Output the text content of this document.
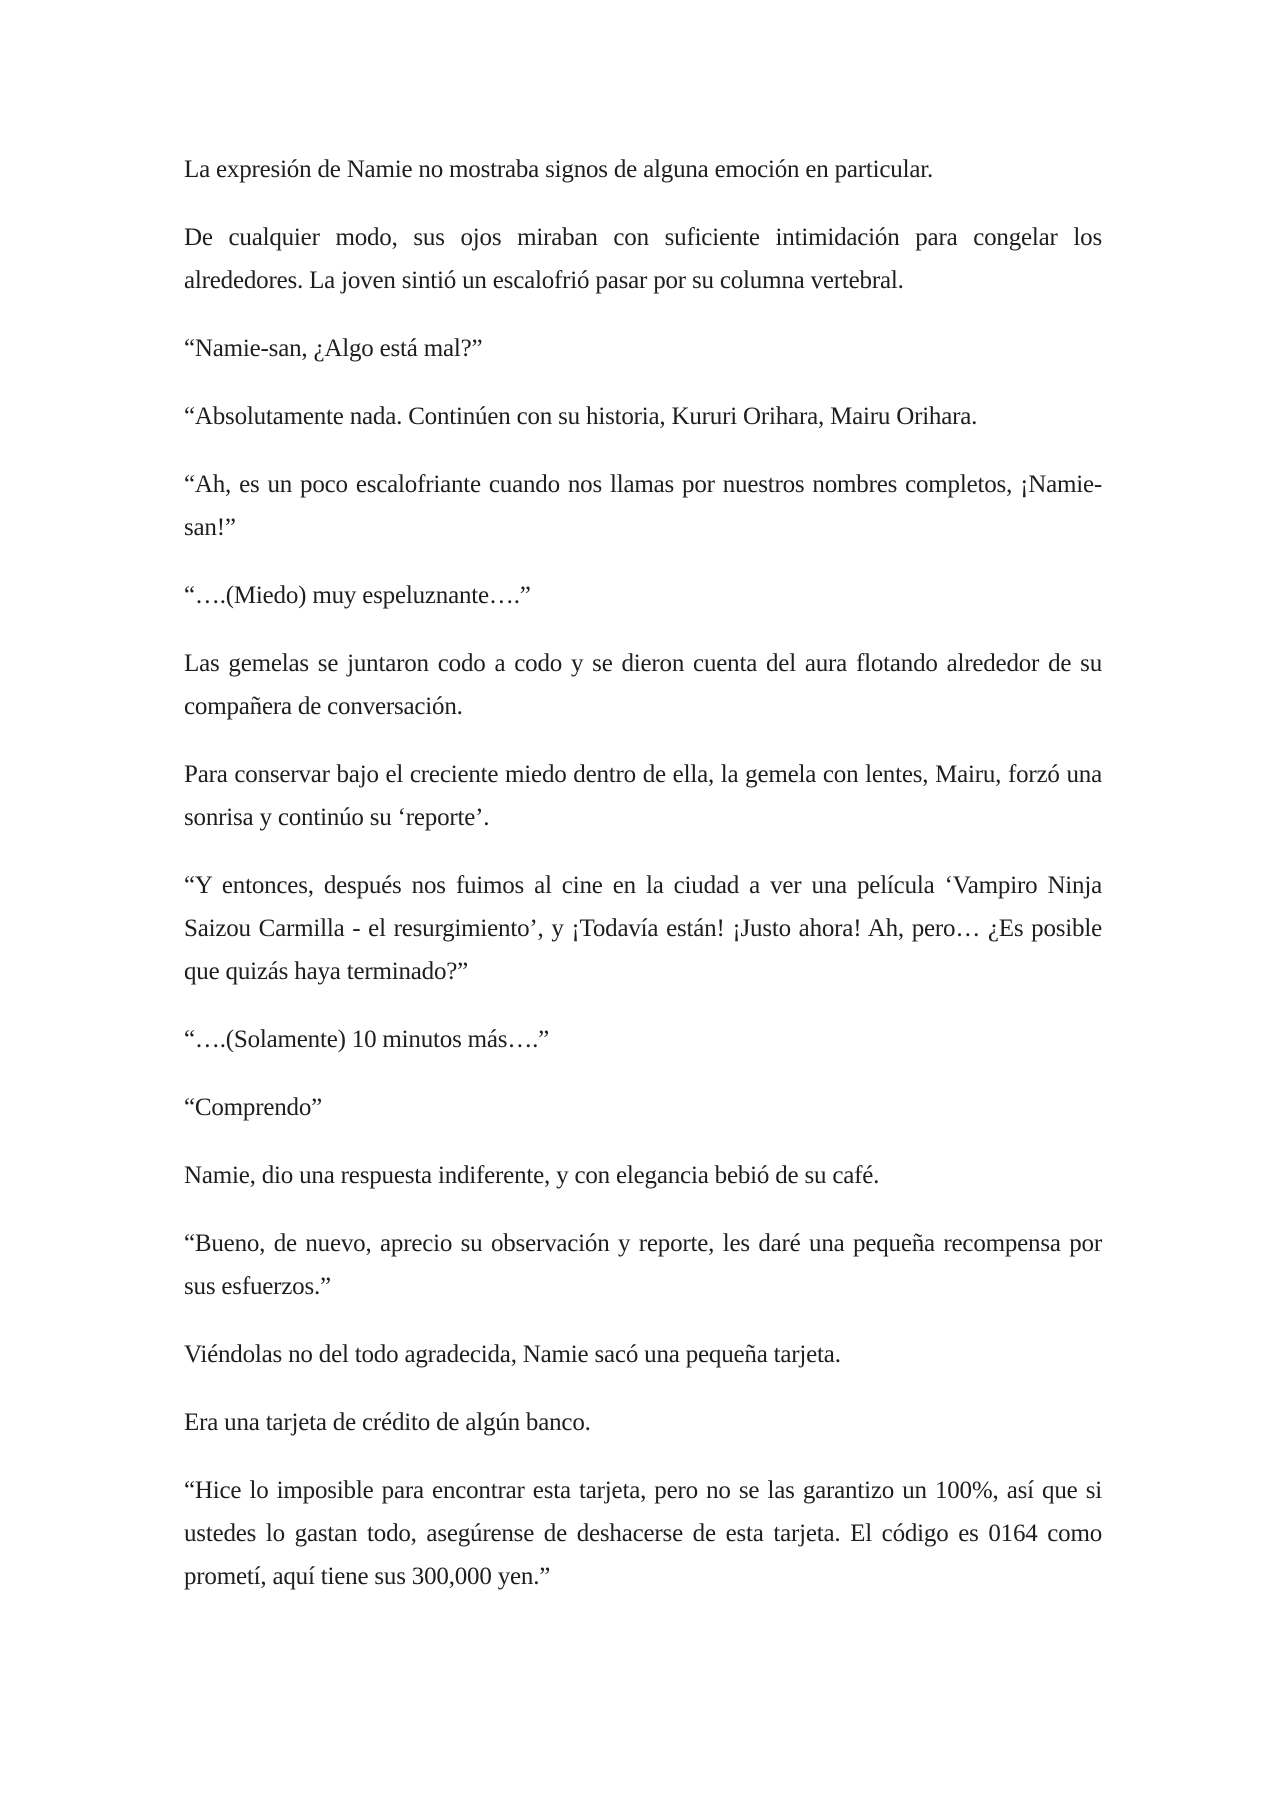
La expresión de Namie no mostraba signos de alguna emoción en particular.

De cualquier modo, sus ojos miraban con suficiente intimidación para congelar los alrededores. La joven sintió un escalofrió pasar por su columna vertebral.

“Namie-san, ¿Algo está mal?”

“Absolutamente nada. Continúen con su historia, Kururi Orihara, Mairu Orihara.

“Ah, es un poco escalofriante cuando nos llamas por nuestros nombres completos, ¡Namie-san!”

“….(Miedo) muy espeluznante….”

Las gemelas se juntaron codo a codo y se dieron cuenta del aura flotando alrededor de su compañera de conversación.

Para conservar bajo el creciente miedo dentro de ella, la gemela con lentes, Mairu, forzó una sonrisa y continúo su ‘reporte’.

“Y entonces, después nos fuimos al cine en la ciudad a ver una película ‘Vampiro Ninja Saizou Carmilla - el resurgimiento’, y ¡Todavía están! ¡Justo ahora! Ah, pero… ¿Es posible que quizás haya terminado?”

“….(Solamente) 10 minutos más….”

“Comprendo”

Namie, dio una respuesta indiferente, y con elegancia bebió de su café.

“Bueno, de nuevo, aprecio su observación y reporte, les daré una pequeña recompensa por sus esfuerzos.”

Viéndolas no del todo agradecida, Namie sacó una pequeña tarjeta.

Era una tarjeta de crédito de algún banco.

“Hice lo imposible para encontrar esta tarjeta, pero no se las garantizo un 100%, así que si ustedes lo gastan todo, asegúrense de deshacerse de esta tarjeta. El código es 0164 como prometí, aquí tiene sus 300,000 yen.”
